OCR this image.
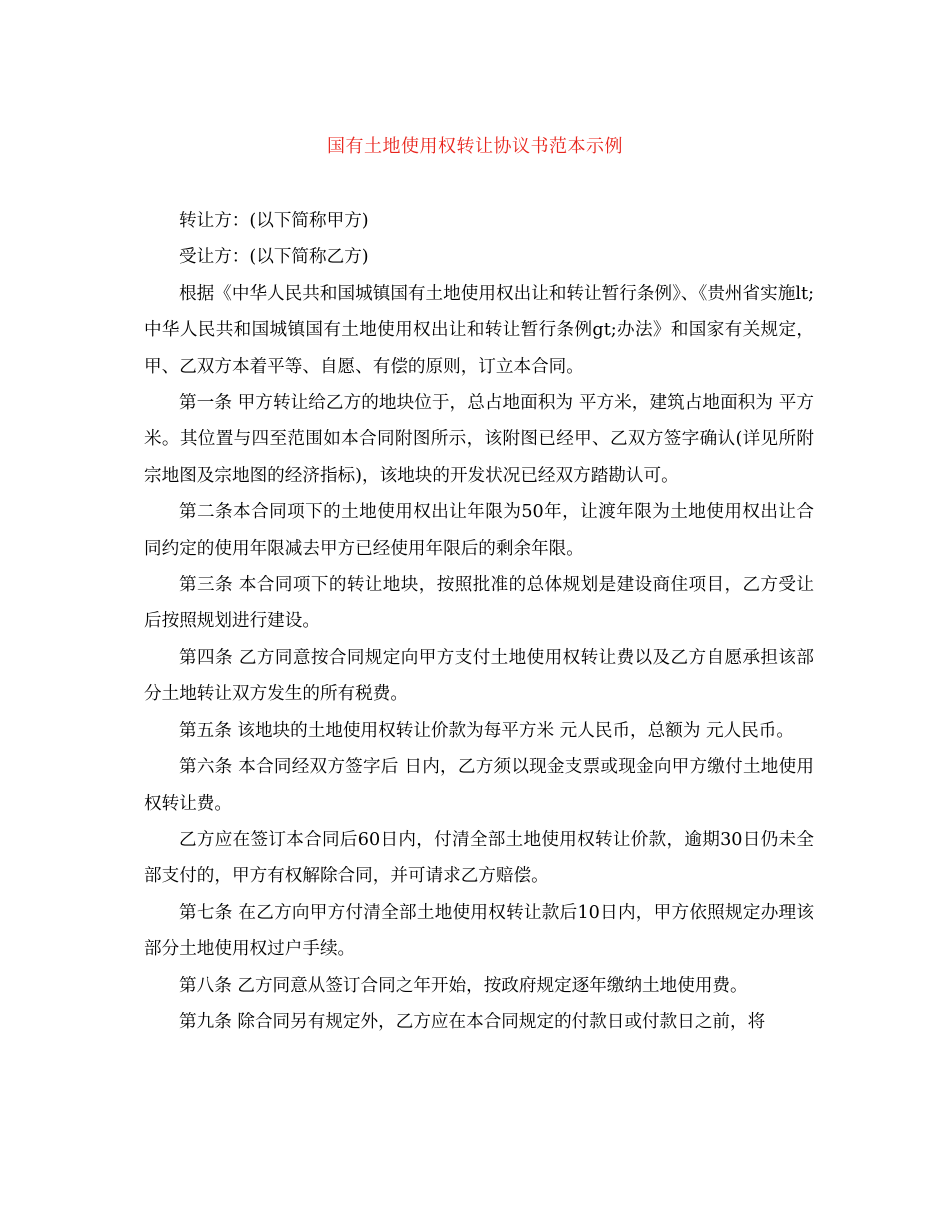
国有土地使用权转让协议书范本示例

转让方：(以下简称甲方)

受让方：(以下简称乙方)

根据《中华人民共和国城镇国有土地使用权出让和转让暂行条例》、《贵州省实施lt;中华人民共和国城镇国有土地使用权出让和转让暂行条例gt;办法》和国家有关规定，甲、乙双方本着平等、自愿、有偿的原则，订立本合同。

第一条 甲方转让给乙方的地块位于，总占地面积为 平方米，建筑占地面积为 平方米。其位置与四至范围如本合同附图所示，该附图已经甲、乙双方签字确认(详见所附宗地图及宗地图的经济指标)，该地块的开发状况已经双方踏勘认可。

第二条本合同项下的土地使用权出让年限为50年，让渡年限为土地使用权出让合同约定的使用年限减去甲方已经使用年限后的剩余年限。

第三条 本合同项下的转让地块，按照批准的总体规划是建设商住项目，乙方受让后按照规划进行建设。

第四条 乙方同意按合同规定向甲方支付土地使用权转让费以及乙方自愿承担该部分土地转让双方发生的所有税费。

第五条 该地块的土地使用权转让价款为每平方米 元人民币，总额为 元人民币。

第六条 本合同经双方签字后 日内，乙方须以现金支票或现金向甲方缴付土地使用权转让费。

乙方应在签订本合同后60日内，付清全部土地使用权转让价款，逾期30日仍未全部支付的，甲方有权解除合同，并可请求乙方赔偿。

第七条 在乙方向甲方付清全部土地使用权转让款后10日内，甲方依照规定办理该部分土地使用权过户手续。

第八条 乙方同意从签订合同之年开始，按政府规定逐年缴纳土地使用费。

第九条 除合同另有规定外，乙方应在本合同规定的付款日或付款日之前，将
